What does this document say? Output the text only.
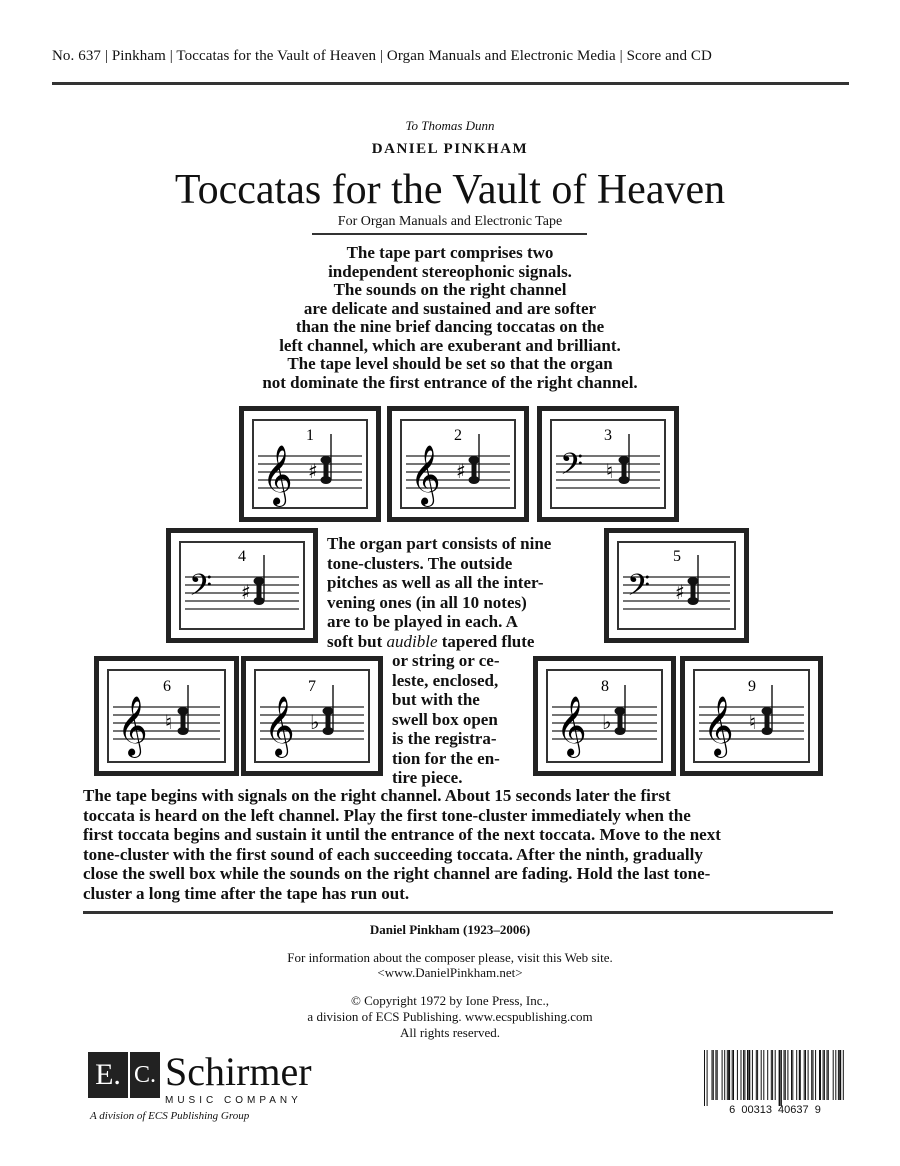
No. 637 | Pinkham | Toccatas for the Vault of Heaven | Organ Manuals and Electronic Media | Score and CD
To Thomas Dunn
DANIEL PINKHAM
Toccatas for the Vault of Heaven
For Organ Manuals and Electronic Tape
The tape part comprises two
independent stereophonic signals.
The sounds on the right channel
are delicate and sustained and are softer
than the nine brief dancing toccatas on the
left channel, which are exuberant and brilliant.
The tape level should be set so that the organ
not dominate the first entrance of the right channel.
𝄞
1
♯ 𝄞
2
♯	𝄢
3
♮
𝄢
4
♯	𝄢
5
♯
𝄞
6
♮ 𝄞
7
♭	𝄞
8
♭ 𝄞
9
♮
The organ part consists of nine
tone-clusters. The outside
pitches as well as all the inter-
vening ones (in all 10 notes)
are to be played in each. A
soft but audible tapered flute
or string or ce-
leste, enclosed,
but with the
swell box open
is the registra-
tion for the en-
tire piece.
The tape begins with signals on the right channel. About 15 seconds later the first
toccata is heard on the left channel. Play the first tone-cluster immediately when the
first toccata begins and sustain it until the entrance of the next toccata. Move to the next
tone-cluster with the first sound of each succeeding toccata. After the ninth, gradually
close the swell box while the sounds on the right channel are fading. Hold the last tone-
cluster a long time after the tape has run out.
Daniel Pinkham (1923–2006)
For information about the composer please, visit this Web site.
<www.DanielPinkham.net>
© Copyright 1972 by Ione Press, Inc.,
a division of ECS Publishing. www.ecspublishing.com
All rights reserved.
E. C. Schirmer
MUSIC COMPANY
A division of ECS Publishing Group	6  00313  40637  9
